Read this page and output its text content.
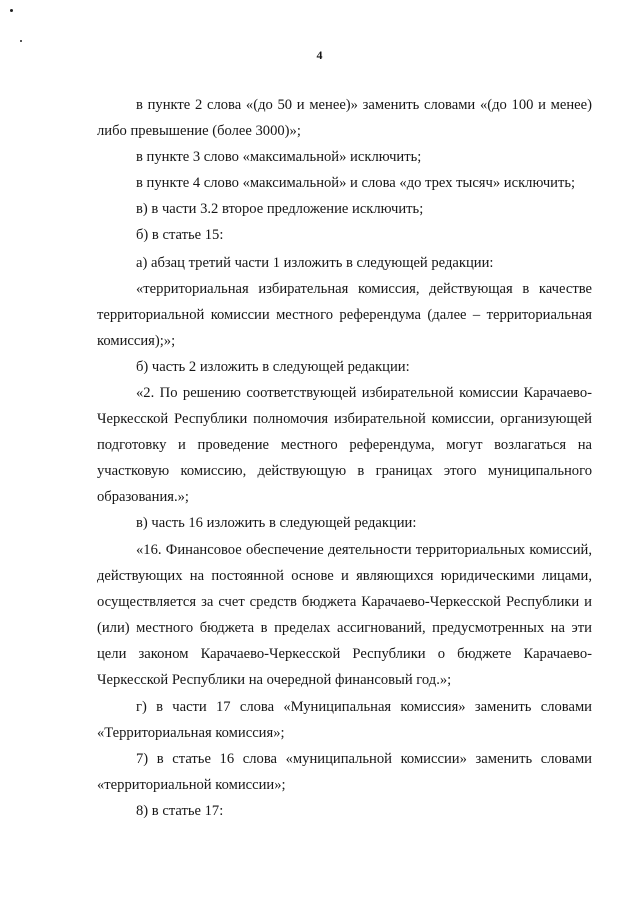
4

в пункте 2 слова «(до 50 и менее)» заменить словами «(до 100 и менее) либо превышение (более 3000)»;

в пункте 3 слово «максимальной» исключить;

в пункте 4 слово «максимальной» и слова «до трех тысяч» исключить;

в) в части 3.2 второе предложение исключить;

б) в статье 15:

а) абзац третий части 1 изложить в следующей редакции:

«территориальная избирательная комиссия, действующая в качестве территориальной комиссии местного референдума (далее – территориальная комиссия);»;

б) часть 2 изложить в следующей редакции:

«2. По решению соответствующей избирательной комиссии Карачаево-Черкесской Республики полномочия избирательной комиссии, организующей подготовку и проведение местного референдума, могут возлагаться на участковую комиссию, действующую в границах этого муниципального образования.»;

в) часть 16 изложить в следующей редакции:

«16. Финансовое обеспечение деятельности территориальных комиссий, действующих на постоянной основе и являющихся юридическими лицами, осуществляется за счет средств бюджета Карачаево-Черкесской Республики и (или) местного бюджета в пределах ассигнований, предусмотренных на эти цели законом Карачаево-Черкесской Республики о бюджете Карачаево-Черкесской Республики на очередной финансовый год.»;

г) в части 17 слова «Муниципальная комиссия» заменить словами «Территориальная комиссия»;

7) в статье 16 слова «муниципальной комиссии» заменить словами «территориальной комиссии»;

8) в статье 17:
